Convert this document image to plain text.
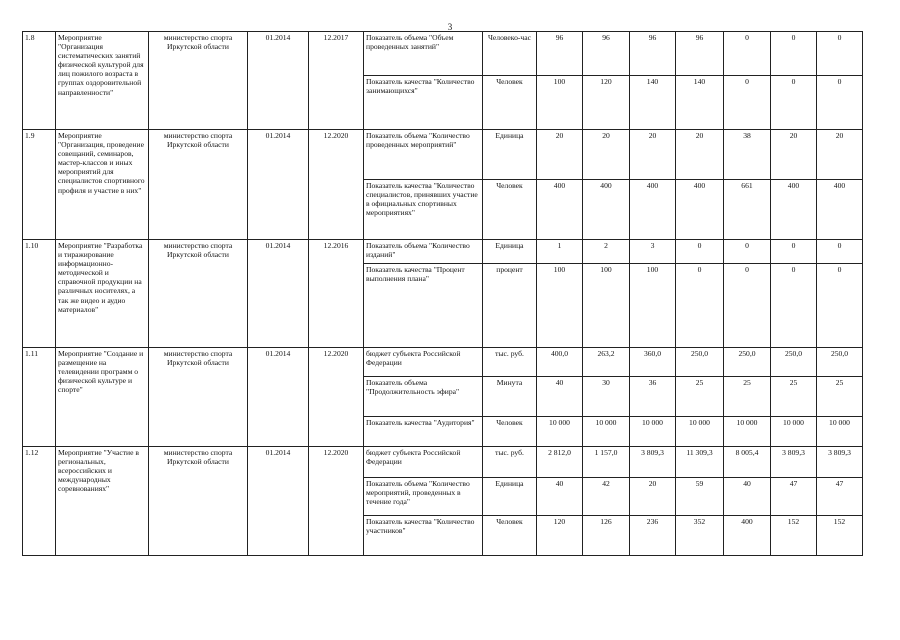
3
1.8	Мероприятие "Организация систематических занятий физической культурой для лиц пожилого возраста в группах оздоровительной направленности"	министерство спорта Иркутской области	01.2014	12.2017	Показатель объема "Объем проведенных занятий"	Человеко-час	96	96	96	96	0	0	0
					Показатель качества "Количество занимающихся"	Человек	100	120	140	140	0	0	0
1.9	Мероприятие "Организация, проведение совещаний, семинаров, мастер-классов и иных мероприятий для специалистов спортивного профиля и участие в них"	министерство спорта Иркутской области	01.2014	12.2020	Показатель объема "Количество проведенных мероприятий"	Единица	20	20	20	20	38	20	20
					Показатель качества "Количество специалистов, принявших участие в официальных спортивных мероприятиях"	Человек	400	400	400	400	661	400	400
1.10	Мероприятие "Разработка и тиражирование информационно-методической и справочной продукции на различных носителях, а так же видео и аудио материалов"	министерство спорта Иркутской области	01.2014	12.2016	Показатель объема "Количество изданий"	Единица	1	2	3	0	0	0	0
					Показатель качества "Процент выполнения плана"	процент	100	100	100	0	0	0	0
1.11	Мероприятие "Создание и размещение на телевидении программ о физической культуре и спорте"	министерство спорта Иркутской области	01.2014	12.2020	бюджет субъекта Российской Федерации	тыс. руб.	400,0	263,2	360,0	250,0	250,0	250,0	250,0
					Показатель объема "Продолжительность эфира"	Минута	40	30	36	25	25	25	25
					Показатель качества "Аудитория"	Человек	10 000	10 000	10 000	10 000	10 000	10 000	10 000
1.12	Мероприятие "Участие в региональных, всероссийских и международных соревнованиях"	министерство спорта Иркутской области	01.2014	12.2020	бюджет субъекта Российской Федерации	тыс. руб.	2 812,0	1 157,0	3 809,3	11 309,3	8 005,4	3 809,3	3 809,3
					Показатель объема "Количество мероприятий, проведенных в течение года"	Единица	40	42	20	59	40	47	47
					Показатель качества "Количество участников"	Человек	120	126	236	352	400	152	152
